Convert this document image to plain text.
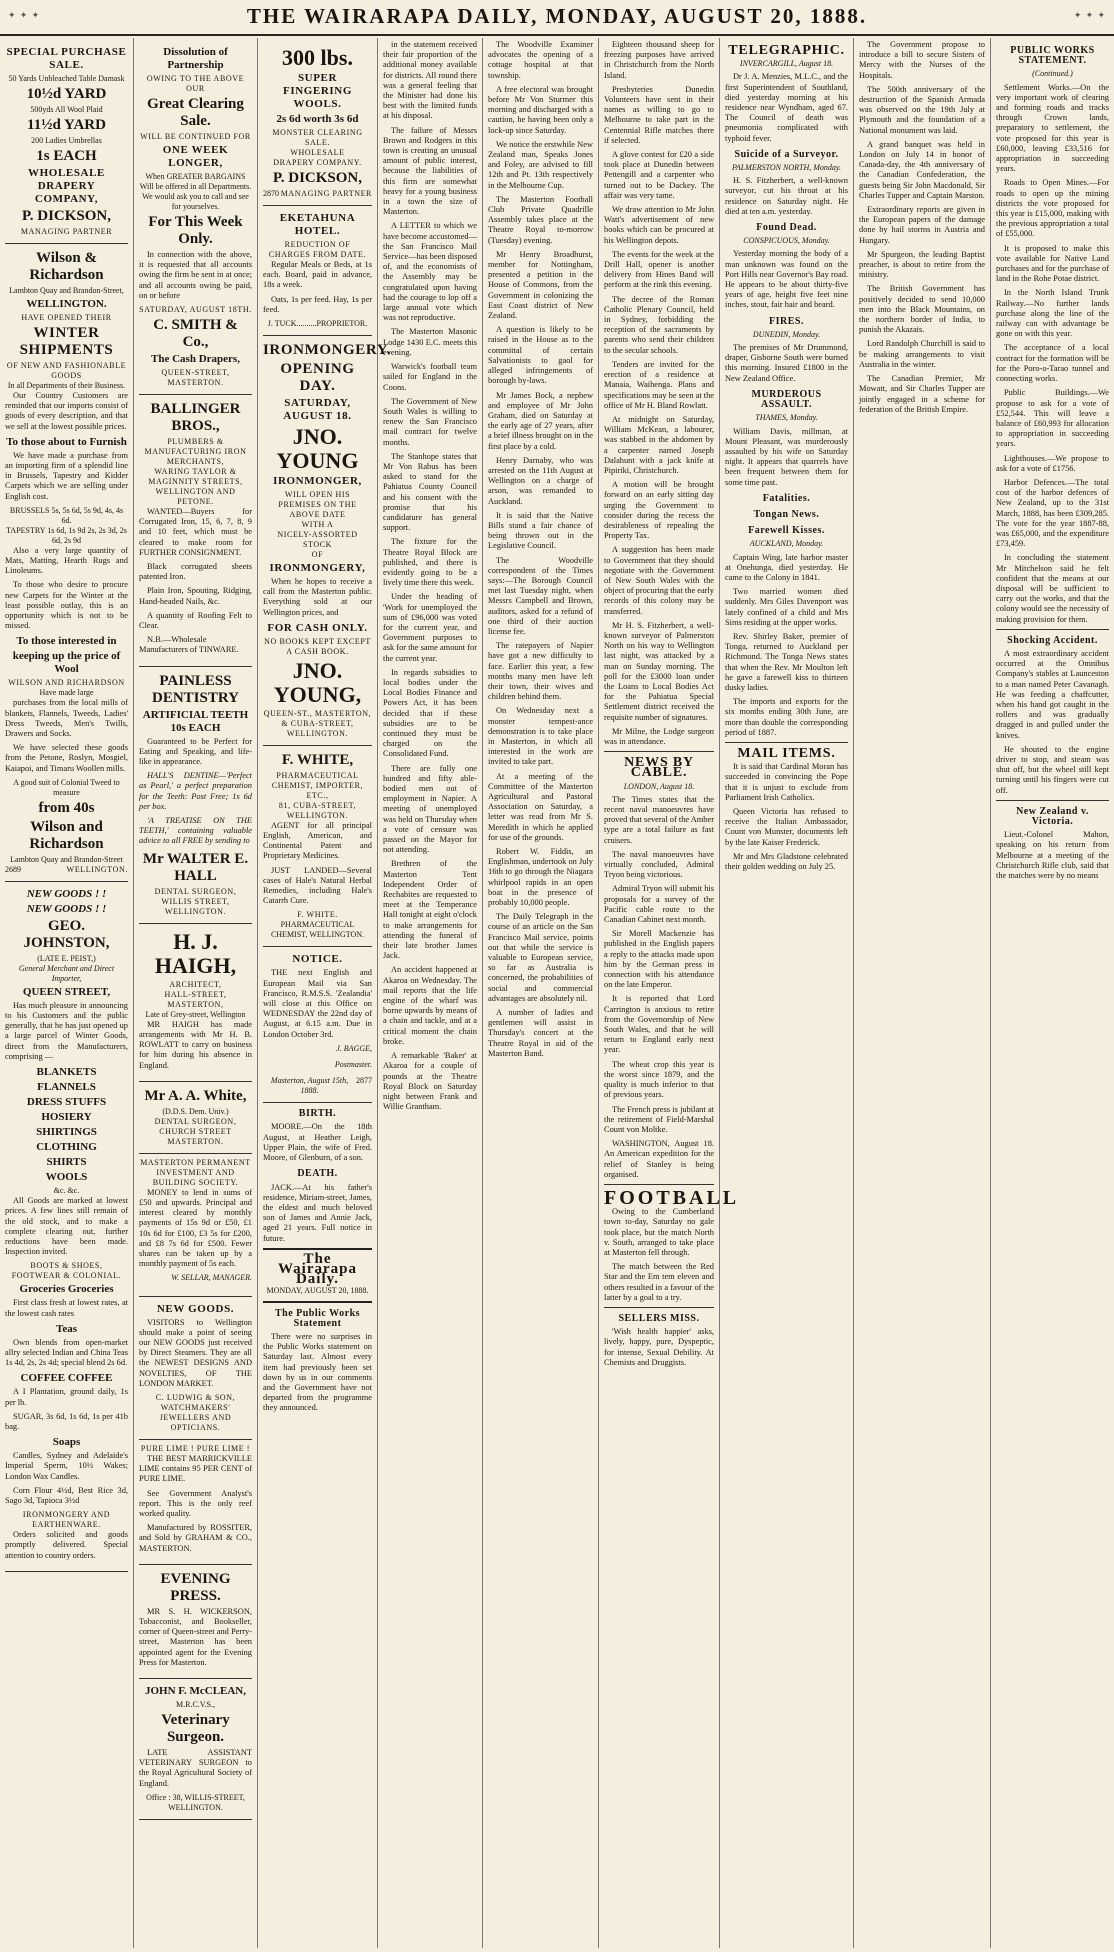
✦ ✦ ✦	THE WAIRARAPA DAILY, MONDAY, AUGUST 20, 1888.	✦ ✦ ✦
SPECIAL PURCHASE SALE.
50 Yards Unbleached Table Damask
10½d YARD
500yds All Wool Plaid
11½d YARD
200 Ladies Umbrellas
1s EACH
WHOLESALE DRAPERY COMPANY,
P. DICKSON,
MANAGING PARTNER
Wilson & Richardson
Lambton Quay and Brandon-Street,
WELLINGTON.
HAVE OPENED THEIR
WINTER SHIPMENTS
OF NEW AND FASHIONABLE GOODS
In all Departments of their Business.

Our Country Customers are reminded that our imports consist of goods of every description, and that we sell at the lowest possible prices.

To those about to Furnish

We have made a purchase from an importing firm of a splendid line in Brussels, Tapestry and Kidder Carpets which we are selling under English cost.

BRUSSELS 5s, 5s 6d, 5s 9d, 4s, 4s 6d.
TAPESTRY 1s 6d, 1s 9d 2s, 2s 3d, 2s 6d, 2s 9d

Also a very large quantity of Mats, Matting, Hearth Rugs and Linoleums.

To those who desire to procure new Carpets for the Winter at the least possible outlay, this is an opportunity which is not to be missed.

To those interested in
keeping up the price of Wool
WILSON AND RICHARDSON
Have made large

purchases from the local mills of blankets, Flannels, Tweeds, Ladies' Dress Tweeds, Men's Twills, Drawers and Socks.

We have selected these goods from the Petone, Roslyn, Mosgiel, Kaiapoi, and Timaru Woollen mills.

A good suit of Colonial Tweed to measure
from 40s
Wilson and Richardson
Lambton Quay and Brandon-Street
2689	WELLINGTON.
NEW GOODS ! !
NEW GOODS ! !
GEO. JOHNSTON,
(LATE E. PEIST,)
General Merchant and Direct Importer,
QUEEN STREET,

Has much pleasure in announcing to his Customers and the public generally, that he has just opened up a large parcel of Winter Goods, direct from the Manufacturers, comprising —

BLANKETS
FLANNELS
DRESS STUFFS
HOSIERY
SHIRTINGS
CLOTHING
SHIRTS
WOOLS
&c. &c.

All Goods are marked at lowest prices. A few lines still remain of the old stock, and to make a complete clearing out, further reductions have been made. Inspection invited.

BOOTS & SHOES, FOOTWEAR & COLONIAL.
Groceries Groceries

First class fresh at lowest rates, at the lowest cash rates

Teas

Own blends from open-market allry selected Indian and China Teas 1s 4d, 2s, 2s 4d; special blend 2s 6d.

COFFEE COFFEE

A I Plantation, ground daily, 1s per lb.

SUGAR, 3s 6d, 1s 6d, 1s per 41b bag.

Soaps

Candles, Sydney and Adelaide's Imperial Sperm, 10½ Wakes; London Wax Candles.

Corn Flour 4½d, Best Rice 3d, Sago 3d, Tapioca 3½d

IRONMONGERY AND EARTHENWARE.

Orders solicited and goods promptly delivered. Special attention to country orders.

Dissolution of Partnership
OWING TO THE ABOVE OUR
Great Clearing Sale.
WILL BE CONTINUED FOR
ONE WEEK LONGER,
When GREATER BARGAINS Will be offered in all Departments.
We would ask you to call and see for yourselves.
For This Week Only.

In connection with the above, it is requested that all accounts owing the firm be sent in at once; and all accounts owing be paid, on or before

SATURDAY, AUGUST 18TH.
C. SMITH & Co.,
The Cash Drapers,
QUEEN-STREET, MASTERTON.
BALLINGER BROS.,
PLUMBERS & MANUFACTURING IRON MERCHANTS,
WARING TAYLOR & MAGINNITY STREETS, WELLINGTON AND PETONE.

WANTED—Buyers for Corrugated Iron, 15, 6, 7, 8, 9 and 10 feet, which must be cleared to make room for FURTHER CONSIGNMENT.

Black corrugated sheets patented Iron.

Plain Iron, Spouting, Ridging, Hand-headed Nails, &c.

A quantity of Roofing Felt to Clear.

N.B.—Wholesale Manufacturers of TINWARE.

PAINLESS DENTISTRY
ARTIFICIAL TEETH 10s EACH

Guaranteed to be Perfect for Eating and Speaking, and life-like in appearance.

HALL'S DENTINE—'Perfect as Pearl,' a perfect preparation for the Teeth: Post Free; 1s 6d per box.

'A TREATISE ON THE TEETH,' containing valuable advice to all FREE by sending to

Mr WALTER E. HALL
DENTAL SURGEON,
WILLIS STREET, WELLINGTON.
H. J. HAIGH,
ARCHITECT,
HALL-STREET, MASTERTON,
Late of Grey-street, Wellington

MR HAIGH has made arrangements with Mr H. B. ROWLATT to carry on business for him during his absence in England.

Mr A. A. White,
(D.D.S. Dem. Univ.)
DENTAL SURGEON,
CHURCH STREET MASTERTON.
MASTERTON PERMANENT INVESTMENT AND BUILDING SOCIETY.

MONEY to lend in sums of £50 and upwards. Principal and interest cleared by monthly payments of 15s 9d or £50, £1 10s 6d for £100, £3 5s for £200, and £8 7s 6d for £500. Fewer shares can be taken up by a monthly payment of 5s each.

W. SELLAR, MANAGER.
NEW GOODS.

VISITORS to Wellington should make a point of seeing our NEW GOODS just received by Direct Steamers. They are all the NEWEST DESIGNS AND NOVELTIES, OF THE LONDON MARKET.

C. LUDWIG & SON,
WATCHMAKERS' JEWELLERS AND OPTICIANS.
PURE LIME ! PURE LIME !

THE BEST MARRICKVILLE LIME contains 95 PER CENT of PURE LIME.

See Government Analyst's report. This is the only reef worked quality.

Manufactured by ROSSITER, and Sold by GRAHAM & CO., MASTERTON.

EVENING PRESS.

MR S. H. WICKERSON, Tobacconist, and Bookseller, corner of Queen-street and Perry-street, Masterton has been appointed agent for the Evening Press for Masterton.

JOHN F. McCLEAN,
M.R.C.V.S.,
Veterinary Surgeon.

LATE ASSISTANT VETERINARY SURGEON to the Royal Agricultural Society of England.

Office : 38, WILLIS-STREET, WELLINGTON.
300 lbs.
SUPER FINGERING WOOLS.
2s 6d worth 3s 6d
MONSTER CLEARING SALE.
WHOLESALE
DRAPERY COMPANY.
P. DICKSON,
2870 MANAGING PARTNER
EKETAHUNA HOTEL.
REDUCTION OF CHARGES FROM DATE.

Regular Meals or Beds, at 1s each. Board, paid in advance, 18s a week.

Oats, 1s per feed. Hay, 1s per feed.

J. TUCK..........PROPRIETOR.
IRONMONGERY.
OPENING DAY.
SATURDAY, AUGUST 18.
JNO. YOUNG
IRONMONGER,
WILL OPEN HIS PREMISES ON THE ABOVE DATE
WITH A
NICELY-ASSORTED STOCK
OF
IRONMONGERY,

When he hopes to receive a call from the Masterton public. Everything sold at our Wellington prices, and

FOR CASH ONLY.
NO BOOKS KEPT EXCEPT A CASH BOOK.
JNO. YOUNG,
QUEEN-ST., MASTERTON, & CUBA-STREET, WELLINGTON.
F. WHITE,
PHARMACEUTICAL CHEMIST, IMPORTER, ETC.,
81, CUBA-STREET, WELLINGTON.

AGENT for all principal English, American, and Continental Patent and Proprietary Medicines.

JUST LANDED—Several cases of Hale's Natural Herbal Remedies, including Hale's Catarrh Cure.

F. WHITE.
PHARMACEUTICAL CHEMIST, WELLINGTON.
NOTICE.

THE next English and European Mail via San Francisco, R.M.S.S. 'Zealandia' will close at this Office on WEDNESDAY the 22nd day of August, at 6.15 a.m. Due in London October 3rd.

J. BAGGE,
Postmaster.
Masterton, August 15th, 1888.
2877
BIRTH.

MOORE.—On the 18th August, at Heather Leigh, Upper Plain, the wife of Fred. Moore, of Glenburn, of a son.

DEATH.

JACK.—At his father's residence, Miriam-street, James, the eldest and much beloved son of James and Annie Jack, aged 21 years. Full notice in future.

The Wairarapa Daily.
MONDAY, AUGUST 20, 1888.
The Public Works Statement

There were no surprises in the Public Works statement on Saturday last. Almost every item had previously been set down by us in our comments and the Government have not departed from the programme they announced.

in the statement received their fair proportion of the additional money available for districts. All round there was a general feeling that the Minister had done his best with the limited funds at his disposal.

The failure of Messrs Brown and Rodgers in this town is creating an unusual amount of public interest, because the liabilities of this firm are somewhat heavy for a young business in a town the size of Masterton.

A LETTER to which we have become accustomed—the San Francisco Mail Service—has been disposed of, and the economists of the Assembly may be congratulated upon having had the courage to lop off a large annual vote which was not reproductive.

The Masterton Masonic Lodge 1430 E.C. meets this evening.

Warwick's football team sailed for England in the Coons.

The Government of New South Wales is willing to renew the San Francisco mail contract for twelve months.

The Stanhope states that Mr Von Rabus has been asked to stand for the Pahiatua County Council and his consent with the promise that his candidature has general support.

The fixture for the Theatre Royal Block are published, and there is evidently going to be a lively time there this week.

Under the heading of 'Work for unemployed the sum of £96,000 was voted for the current year, and Government purposes to ask for the same amount for the current year.

In regards subsidies to local bodies under the Local Bodies Finance and Powers Act, it has been decided that if these subsidies are to be continued they must be charged on the Consolidated Fund.

There are fully one hundred and fifty able-bodied men out of employment in Napier. A meeting of unemployed was held on Thursday when a vote of censure was passed on the Mayor for not attending.

Brethren of the Masterton Tent Independent Order of Rechabites are requested to meet at the Temperance Hall tonight at eight o'clock to make arrangements for attending the funeral of their late brother James Jack.

An accident happened at Akaroa on Wednesday. The mail reports that the life engine of the wharf was borne upwards by means of a chain and tackle, and at a critical moment the chain broke.

A remarkable 'Baker' at Akaroa for a couple of pounds at the Theatre Royal Block on Saturday night between Frank and Willie Grantham.

The Woodville Examiner advocates the opening of a cottage hospital at that township.

A free electoral was brought before Mr Von Sturmer this morning and discharged with a caution, he having been only a lock-up since Saturday.

We notice the erstwhile New Zealand man, Speaks Jones and Foley, are advised to fill 12th and Pt. 13th respectively in the Melbourne Cup.

The Masterton Football Club Private Quadrille Assembly takes place at the Theatre Royal to-morrow (Tuesday) evening.

Mr Henry Broadhurst, member for Nottingham, presented a petition in the House of Commons, from the Government in colonizing the East Coast district of New Zealand.

A question is likely to be raised in the House as to the committal of certain Salvationists to gaol for alleged infringements of borough by-laws.

Mr James Bock, a nephew and employee of Mr John Graham, died on Saturday at the early age of 27 years, after a brief illness brought on in the first place by a cold.

Henry Darnaby, who was arrested on the 11th August at Wellington on a charge of arson, was remanded to Auckland.

It is said that the Native Bills stand a fair chance of being thrown out in the Legislative Council.

The Woodville correspondent of the Times says:—The Borough Council met last Tuesday night, when Messrs Campbell and Brown, auditors, asked for a refund of one third of their auction license fee.

The ratepayers of Napier have got a new difficulty to face. Earlier this year, a few months many men have left their town, their wives and children behind them.

On Wednesday next a monster tempest-ance demonstration is to take place in Masterton, in which all interested in the work are invited to take part.

At a meeting of the Committee of the Masterton Agricultural and Pastoral Association on Saturday, a letter was read from Mr S. Meredith in which he applied for use of the grounds.

Robert W. Fiddis, an Englishman, undertook on July 16th to go through the Niagara whirlpool rapids in an open boat in the presence of probably 10,000 people.

The Daily Telegraph in the course of an article on the San Francisco Mail service, points out that while the service is valuable to European service, so far as Australia is concerned, the probabilities of social and commercial advantages are absolutely nil.

A number of ladies and gentlemen will assist in Thursday's concert at the Theatre Royal in aid of the Masterton Band.

Eighteen thousand sheep for freezing purposes have arrived in Christchurch from the North Island.

Presbyteries Dunedin Volunteers have sent in their names as willing to go to Melbourne to take part in the Centennial Rifle matches there if selected.

A glove contest for £20 a side took place at Dunedin between Pettengill and a carpenter who turned out to be Dackey. The affair was very tame.

We draw attention to Mr John Watt's advertisement of new books which can be procured at his Wellington depots.

The events for the week at the Drill Hall, opener is another delivery from Hines Band will perform at the rink this evening.

The decree of the Roman Catholic Plenary Council, held in Sydney, forbidding the reception of the sacraments by parents who send their children to the secular schools.

Tenders are invited for the erection of a residence at Manaia, Waihenga. Plans and specifications may be seen at the office of Mr H. Bland Rowlatt.

At midnight on Saturday, William McKean, a labourer, was stabbed in the abdomen by a carpenter named Joseph Dalahunt with a jack knife at Pipiriki, Christchurch.

A motion will be brought forward on an early sitting day urging the Government to consider during the recess the desirableness of repealing the Property Tax.

A suggestion has been made to Government that they should negotiate with the Government of New South Wales with the object of procuring that the early records of this colony may be transferred.

Mr H. S. Fitzherbert, a well-known surveyor of Palmerston North on his way to Wellington last night, was attacked by a man on Sunday morning. The poll for the £3000 loan under the Loans to Local Bodies Act for the Pahiatua Special Settlement district received the requisite number of signatures.

Mr Milne, the Lodge surgeon was in attendance.

NEWS BY CABLE.
LONDON, August 18.

The Times states that the recent naval manoeuvres have proved that several of the Amber type are a total failure as fast cruisers.

The naval manoeuvres have virtually concluded, Admiral Tryon being victorious.

Admiral Tryon will submit his proposals for a survey of the Pacific cable route to the Canadian Cabinet next month.

Sir Morell Mackenzie has published in the English papers a reply to the attacks made upon him by the German press in connection with his attendance on the late Emperor.

It is reported that Lord Carrington is anxious to retire from the Governorship of New South Wales, and that he will return to England early next year.

The wheat crop this year is the worst since 1879, and the quality is much inferior to that of previous years.

The French press is jubilant at the retirement of Field-Marshal Count von Moltke.

WASHINGTON, August 18. An American expedition for the relief of Stanley is being organised.

FOOTBALL

Owing to the Cumberland town to-day, Saturday no gale took place, but the match North v. South, arranged to take place at Masterton fell through.

The match between the Red Star and the Em tem eleven and others resulted in a favour of the latter by a goal to a try.

SELLERS MISS.

'Wish health happier' asks, lively, happy, pure, Dyspeptic, for intense, Sexual Debility. At Chemists and Druggists.

TELEGRAPHIC.
INVERCARGILL, August 18.

Dr J. A. Menzies, M.L.C., and the first Superintendent of Southland, died yesterday morning at his residence near Wyndham, aged 67. The Council of death was pneumonia complicated with typhoid fever.

Suicide of a Surveyor.
PALMERSTON NORTH, Monday.

H. S. Fitzherbert, a well-known surveyor, cut his throat at his residence on Saturday night. He died at ten a.m. yesterday.

Found Dead.
CONSPICUOUS, Monday.

Yesterday morning the body of a man unknown was found on the Port Hills near Governor's Bay road. He appears to be about thirty-five years of age, height five feet nine inches, stout, fair hair and beard.

FIRES.
DUNEDIN, Monday.

The premises of Mr Drummond, draper, Gisborne South were burned this morning. Insured £1800 in the New Zealand Office.

MURDEROUS ASSAULT.
THAMES, Monday.

William Davis, millman, at Mount Pleasant, was murderously assaulted by his wife on Saturday night. It appears that quarrels have been frequent between them for some time past.

Fatalities.
Tongan News.
Farewell Kisses.
AUCKLAND, Monday.

Captain Wing, late harbor master at Onehunga, died yesterday. He came to the Colony in 1841.

Two married women died suddenly. Mrs Giles Davenport was lately confined of a child and Mrs Sims residing at the upper works.

Rev. Shirley Baker, premier of Tonga, returned to Auckland per Richmond. The Tonga News states that when the Rev. Mr Moulton left he gave a farewell kiss to thirteen dusky ladies.

The imports and exports for the six months ending 30th June, are more than double the corresponding period of 1887.

MAIL ITEMS.

It is said that Cardinal Moran has succeeded in convincing the Pope that it is unjust to exclude from Parliament Irish Catholics.

Queen Victoria has refused to receive the Italian Ambassador, Count von Munster, documents left by the late Kaiser Frederick.

Mr and Mrs Gladstone celebrated their golden wedding on July 25.

The Government propose to introduce a bill to secure Sisters of Mercy with the Nurses of the Hospitals.

The 500th anniversary of the destruction of the Spanish Armada was observed on the 19th July at Plymouth and the foundation of a National monument was laid.

A grand banquet was held in London on July 14 in honor of Canada-day, the 4th anniversary of the Canadian Confederation, the guests being Sir John Macdonald, Sir Charles Tupper and Captain Marston.

Extraordinary reports are given in the European papers of the damage done by hail storms in Austria and Hungary.

Mr Spurgeon, the leading Baptist preacher, is about to retire from the ministry.

The British Government has positively decided to send 10,000 men into the Black Mountains, on the northern border of India, to punish the Akazais.

Lord Randolph Churchill is said to be making arrangements to visit Australia in the winter.

The Canadian Premier, Mr Mowatt, and Sir Charles Tupper are jointly engaged in a scheme for federation of the British Empire.

PUBLIC WORKS STATEMENT.
(Continued.)

Settlement Works.—On the very important work of clearing and forming roads and tracks through Crown lands, preparatory to settlement, the vote proposed for this year is £60,000, leaving £33,516 for appropriation in succeeding years.

Roads to Open Mines.—For roads to open up the mining districts the vote proposed for this year is £15,000, making with the previous appropriation a total of £55,000.

It is proposed to make this vote available for Native Land purchases and for the purchase of land in the Rohe Potae district.

In the North Island Trunk Railway.—No further lands purchase along the line of the railway can with advantage be gone on with this year.

The acceptance of a local contract for the formation will be for the Poro-o-Tarao tunnel and connecting works.

Public Buildings.—We propose to ask for a vote of £52,544. This will leave a balance of £60,993 for allocation to appropriation in succeeding years.

Lighthouses.—We propose to ask for a vote of £1756.

Harbor Defences.—The total cost of the harbor defences of New Zealand, up to the 31st March, 1888, has been £309,285. The vote for the year 1887-88, was £65,000, and the expenditure £73,459.

In concluding the statement Mr Mitchelson said he felt confident that the means at our disposal will be sufficient to carry out the works, and that the colony would see the necessity of making provision for them.

Shocking Accident.

A most extraordinary accident occurred at the Omnibus Company's stables at Launceston to a man named Peter Cavanagh. He was feeding a chaffcutter, when his hand got caught in the rollers and was gradually dragged in and pulled under the knives.

He shouted to the engine driver to stop, and steam was shut off, but the wheel still kept turning until his fingers were cut off.

New Zealand v. Victoria.

Lieut.-Colonel Mahon, speaking on his return from Melbourne at a meeting of the Christchurch Rifle club, said that the matches were by no means
